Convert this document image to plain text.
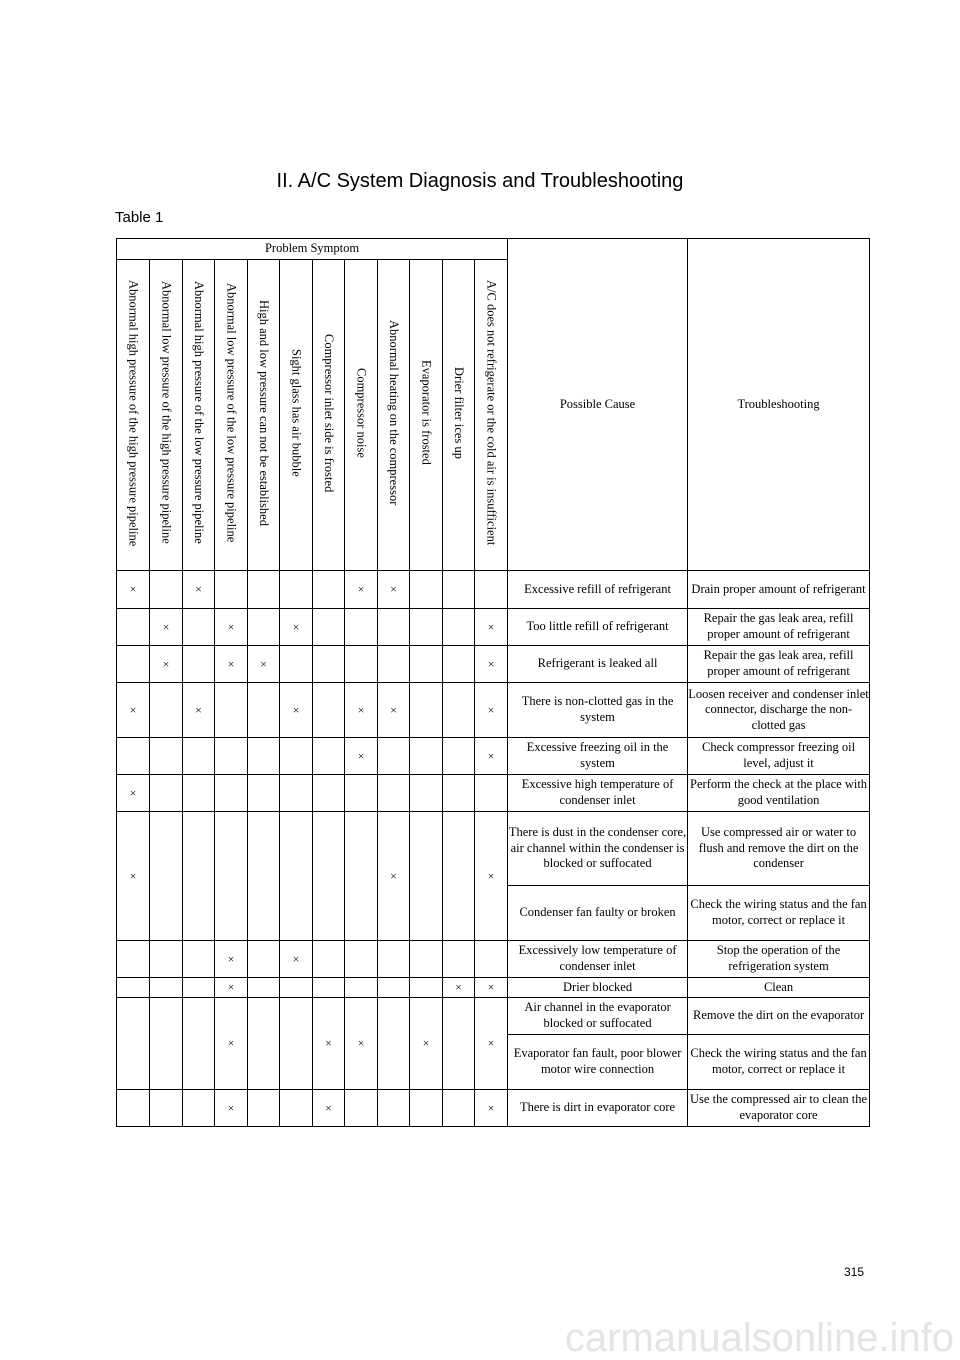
II. A/C System Diagnosis and Troubleshooting
Table 1
Problem Symptom												Possible Cause	Troubleshooting
Abnormal high pressure of the high pressure pipeline	Abnormal low pressure of the high pressure pipeline	Abnormal high pressure of the low pressure pipeline	Abnormal low pressure of the low pressure pipeline	High and low pressure can not be established	Sight glass has air bubble	Compressor inlet side is frosted	Compressor noise	Abnormal heating on the compressor	Evaporator is frosted	Drier filter ices up	A/C does not refrigerate or the cold air is insufficient		
×		×					×	×				Excessive refill of refrigerant	Drain proper amount of refrigerant
	×		×		×						×	Too little refill of refrigerant	Repair the gas leak area, refill proper amount of refrigerant
	×		×	×							×	Refrigerant is leaked all	Repair the gas leak area, refill proper amount of refrigerant
×		×			×		×	×			×	There is non-clotted gas in the system	Loosen receiver and condenser inlet connector, discharge the non-clotted gas
							×				×	Excessive freezing oil in the system	Check compressor freezing oil level, adjust it
×												Excessive high temperature of condenser inlet	Perform the check at the place with good ventilation
×								×			×	There is dust in the condenser core, air channel within the condenser is blocked or suffocated	Use compressed air or water to flush and remove the dirt on the condenser
												Condenser fan faulty or broken	Check the wiring status and the fan motor, correct or replace it
			×		×							Excessively low temperature of condenser inlet	Stop the operation of the refrigeration system
			×							×	×	Drier blocked	Clean
			×			×	×		×		×	Air channel in the evaporator blocked or suffocated	Remove the dirt on the evaporator
												Evaporator fan fault, poor blower motor wire connection	Check the wiring status and the fan motor, correct or replace it
			×			×					×	There is dirt in evaporator core	Use the compressed air to clean the evaporator core
315
carmanualsonline.info
